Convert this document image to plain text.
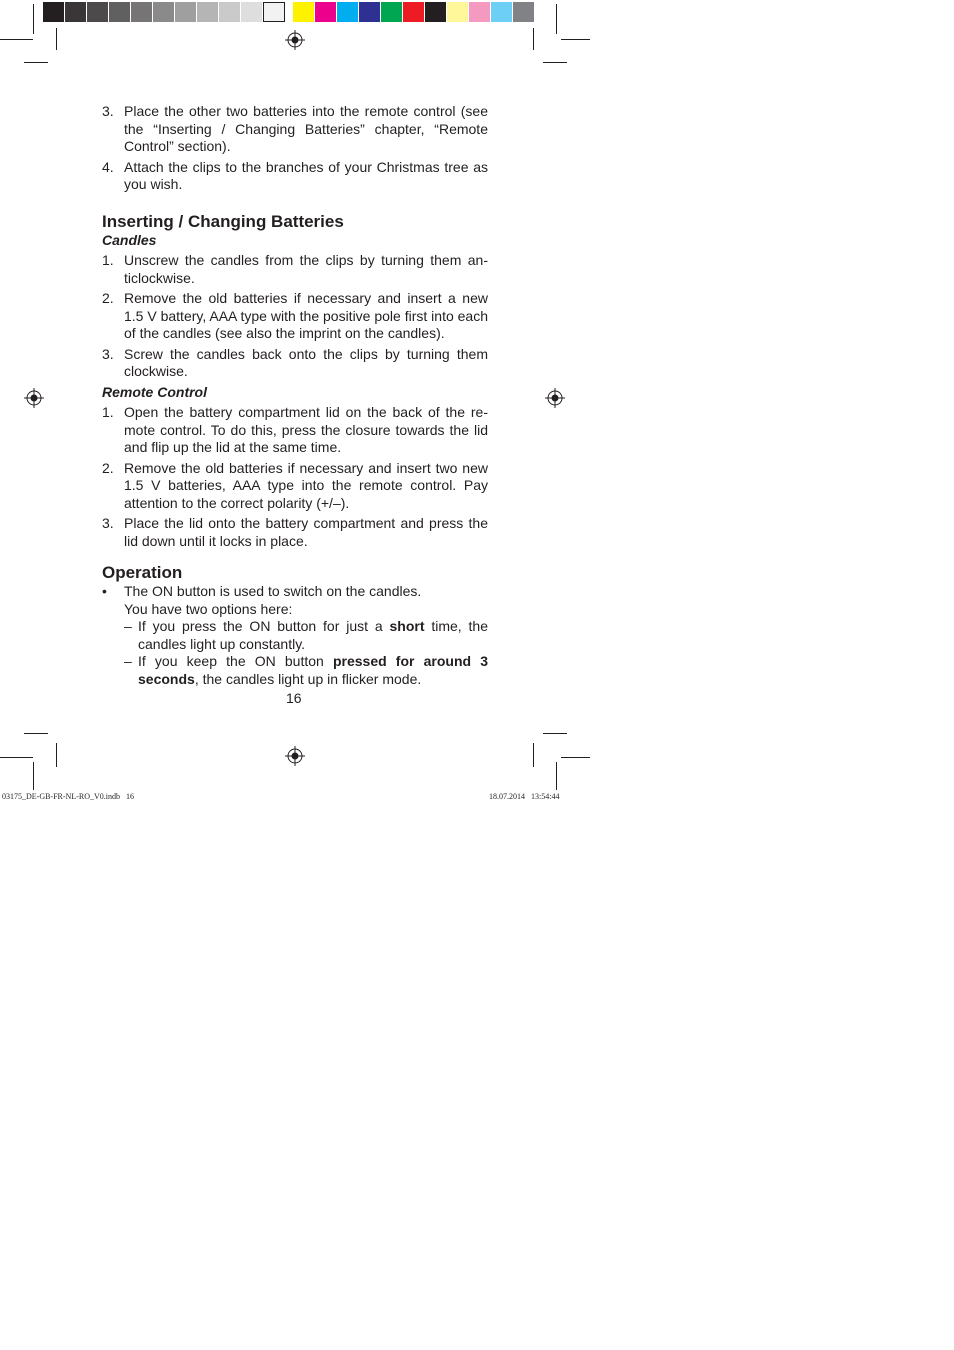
3. Place the other two batteries into the remote control (see the “Inserting / Changing Batteries” chapter, “Remote Control” section).
4. Attach the clips to the branches of your Christmas tree as you wish.
Inserting / Changing Batteries

Candles

1. Unscrew the candles from the clips by turning them an-ticlockwise.
2. Remove the old batteries if necessary and insert a new 1.5 V battery, AAA type with the positive pole first into each of the candles (see also the imprint on the candles).
3. Screw the candles back onto the clips by turning them clockwise.

Remote Control

1. Open the battery compartment lid on the back of the re-mote control. To do this, press the closure towards the lid and flip up the lid at the same time.
2. Remove the old batteries if necessary and insert two new 1.5 V batteries, AAA type into the remote control. Pay attention to the correct polarity (+/–).
3. Place the lid onto the battery compartment and press the lid down until it locks in place.
Operation
•	The ON button is used to switch on the candles.
You have two options here:
– If you press the ON button for just a short time, the candles light up constantly.
– If you keep the ON button pressed for around 3 seconds, the candles light up in flicker mode.
16
03175_DE-GB-FR-NL-RO_V0.indb   16	18.07.2014   13:54:44
